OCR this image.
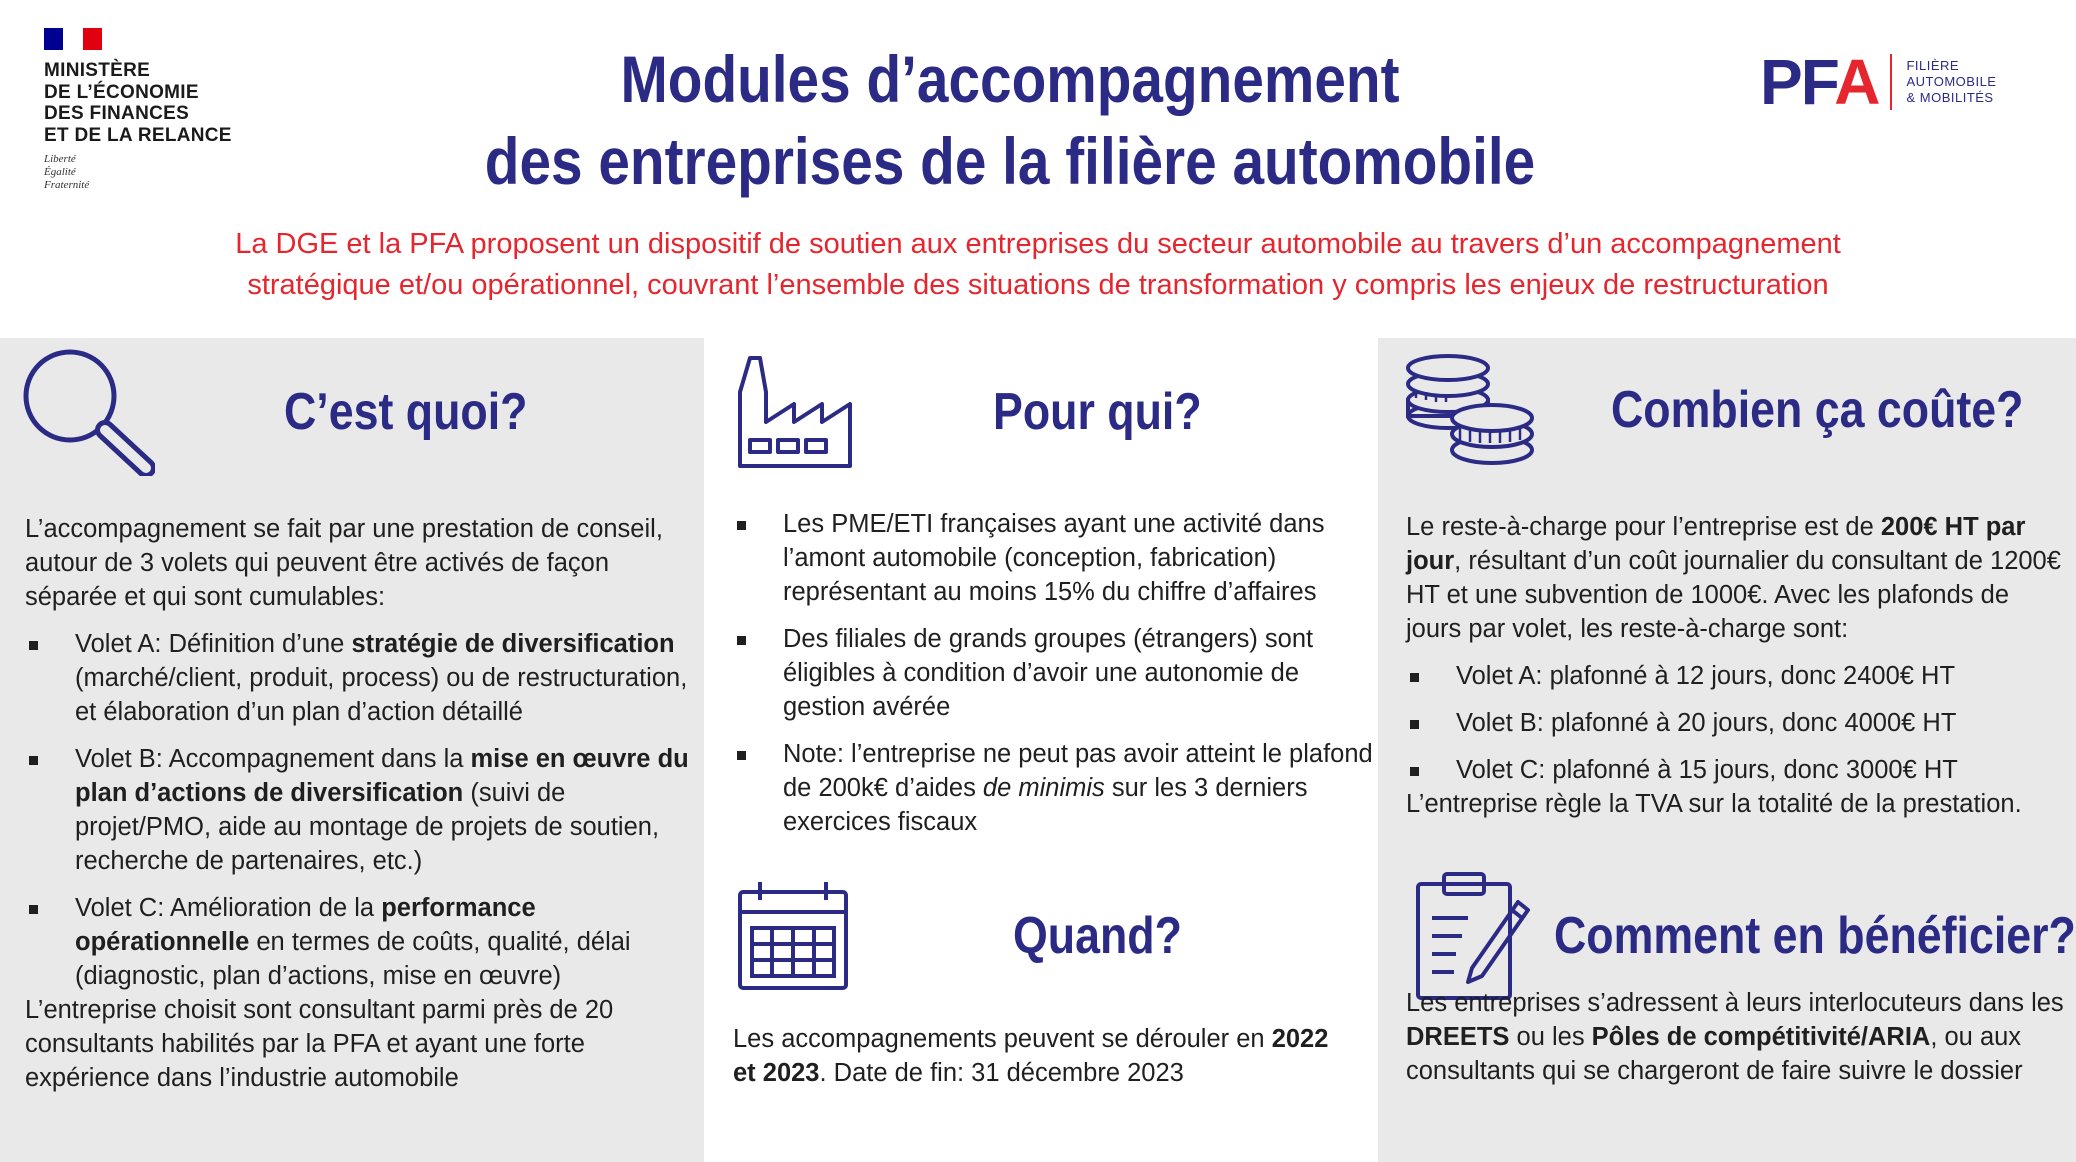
MINISTÈRE
DE L’ÉCONOMIE
DES FINANCES
ET DE LA RELANCE
Liberté
Égalité
Fraternité
Modules d’accompagnement
des entreprises de la filière automobile
PFA FILIÈRE
AUTOMOBILE
& MOBILITÉS
La DGE et la PFA proposent un dispositif de soutien aux entreprises du secteur automobile au travers d’un accompagnement
stratégique et/ou opérationnel, couvrant l’ensemble des situations de transformation y compris les enjeux de restructuration
C’est quoi?

L’accompagnement se fait par une prestation de conseil, autour de 3 volets qui peuvent être activés de façon séparée et qui sont cumulables:

Volet A: Définition d’une stratégie de diversification (marché/client, produit, process) ou de restructuration, et élaboration d’un plan d’action détaillé
Volet B: Accompagnement dans la mise en œuvre du plan d’actions de diversification (suivi de projet/PMO, aide au montage de projets de soutien, recherche de partenaires, etc.)
Volet C: Amélioration de la performance opérationnelle en termes de coûts, qualité, délai (diagnostic, plan d’actions, mise en œuvre)

L’entreprise choisit sont consultant parmi près de 20 consultants habilités par la PFA et ayant une forte expérience dans l’industrie automobile

Pour qui?
Les PME/ETI françaises ayant une activité dans l’amont automobile (conception, fabrication) représentant au moins 15% du chiffre d’affaires
Des filiales de grands groupes (étrangers) sont éligibles à condition d’avoir une autonomie de gestion avérée
Note: l’entreprise ne peut pas avoir atteint le plafond de 200k€ d’aides de minimis sur les 3 derniers exercices fiscaux
Quand?

Les accompagnements peuvent se dérouler en 2022 et 2023. Date de fin: 31 décembre 2023

Combien ça coûte?

Le reste-à-charge pour l’entreprise est de 200€ HT par jour, résultant d’un coût journalier du consultant de 1200€ HT et une subvention de 1000€. Avec les plafonds de jours par volet, les reste-à-charge sont:

Volet A: plafonné à 12 jours, donc 2400€ HT
Volet B: plafonné à 20 jours, donc 4000€ HT
Volet C: plafonné à 15 jours, donc 3000€ HT

L’entreprise règle la TVA sur la totalité de la prestation.

Comment en bénéficier?

Les entreprises s’adressent à leurs interlocuteurs dans les DREETS ou les Pôles de compétitivité/ARIA, ou aux consultants qui se chargeront de faire suivre le dossier
